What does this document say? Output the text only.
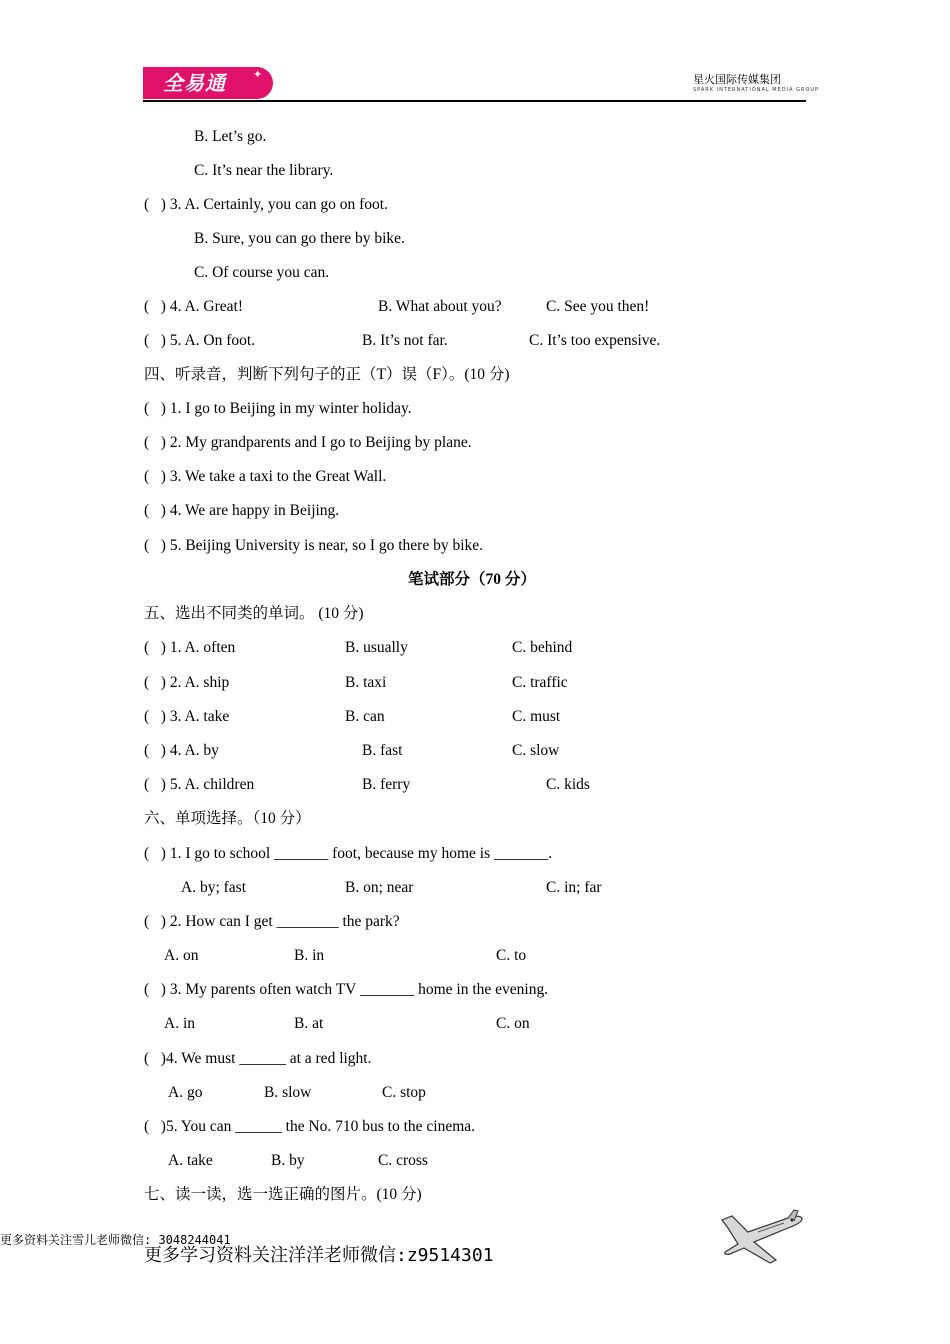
全易通 ✦	星火国际传媒集团
SPARK INTERNATIONAL MEDIA GROUP
B. Let’s go.
C. It’s near the library.
(   ) 3. A. Certainly, you can go on foot.
B. Sure, you can go there by bike.
C. Of course you can.
(   ) 4. A. Great!	B. What about you?	C. See you then!
(   ) 5. A. On foot.	B. It’s not far.	C. It’s too expensive.
四、听录音，判断下列句子的正（T）误（F）。(10 分)
(   ) 1. I go to Beijing in my winter holiday.
(   ) 2. My grandparents and I go to Beijing by plane.
(   ) 3. We take a taxi to the Great Wall.
(   ) 4. We are happy in Beijing.
(   ) 5. Beijing University is near, so I go there by bike.
笔试部分（70 分）
五、选出不同类的单词。 (10 分)
(   ) 1. A. often	B. usually	C. behind
(   ) 2. A. ship	B. taxi	C. traffic
(   ) 3. A. take	B. can	C. must
(   ) 4. A. by	B. fast	C. slow
(   ) 5. A. children	B. ferry	C. kids
六、单项选择。（10 分）
(   ) 1. I go to school _______ foot, because my home is _______.
A. by; fast	B. on; near	C. in; far
(   ) 2. How can I get ________ the park?
A. on	B. in	C. to
(   ) 3. My parents often watch TV _______ home in the evening.
A. in	B. at	C. on
(   )4. We must ______ at a red light.
A. go	B. slow	C. stop
(   )5. You can ______ the No. 710 bus to the cinema.
A. take	B. by	C. cross
七、读一读，选一选正确的图片。(10 分)
更多资料关注雪儿老师微信: 3048244041
更多学习资料关注洋洋老师微信:z9514301
